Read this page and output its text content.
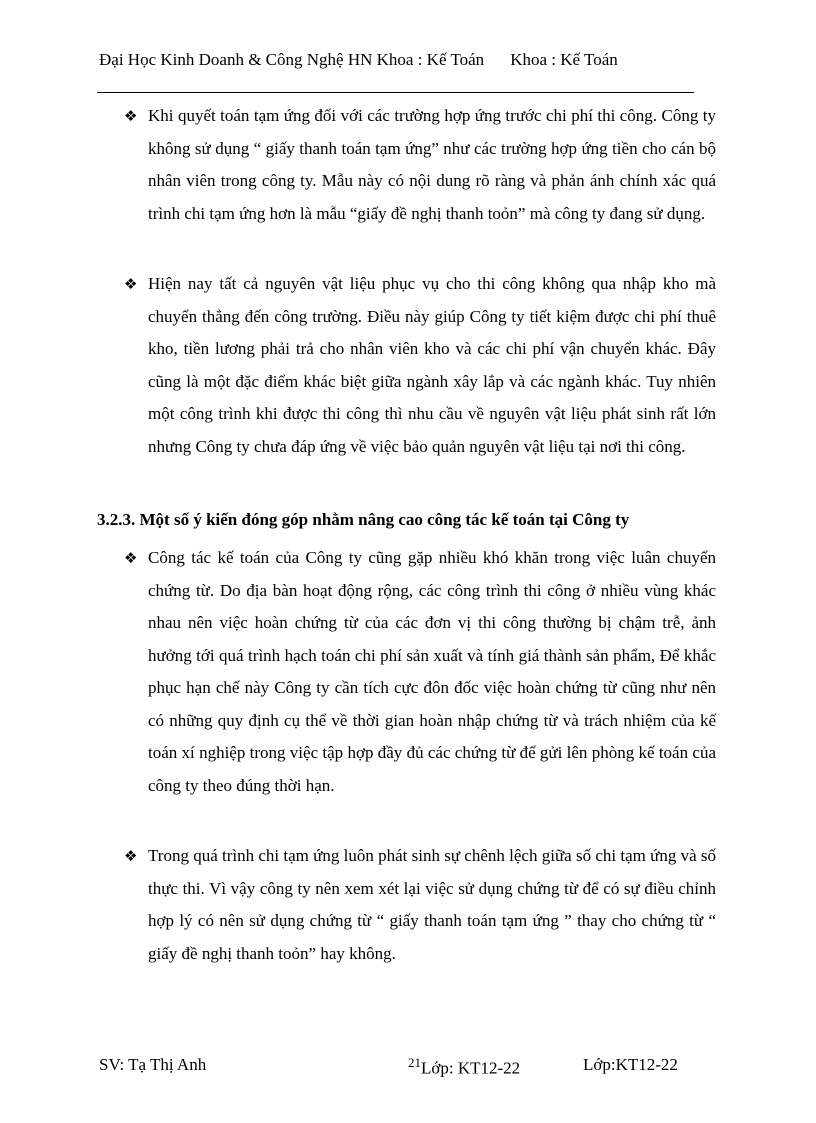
Đại Học Kinh Doanh & Công Nghệ HN Khoa : Kế Toán Khoa : Kế Toán
❖ Khi quyết toán tạm ứng đối với các trường hợp ứng trước chi phí thi công. Công ty không sử dụng “ giấy thanh toán tạm ứng” như các trường hợp ứng tiền cho cán bộ nhân viên trong công ty. Mẫu này có nội dung rõ ràng và phản ánh chính xác quá trình chi tạm ứng hơn là mẫu “giấy đề nghị thanh toỏn” mà công ty đang sử dụng.

❖ Hiện nay tất cả nguyên vật liệu phục vụ cho thi công không qua nhập kho mà chuyển thẳng đến công trường. Điều này giúp Công ty tiết kiệm được chi phí thuê kho, tiền lương phải trả cho nhân viên kho và các chi phí vận chuyển khác. Đây cũng là một đặc điểm khác biệt giữa ngành xây lắp và các ngành khác. Tuy nhiên một công trình khi được thi công thì nhu cầu về nguyên vật liệu phát sinh rất lớn nhưng Công ty chưa đáp ứng về việc bảo quản nguyên vật liệu tại nơi thi công.

3.2.3. Một số ý kiến đóng góp nhằm nâng cao công tác kế toán tại Công ty
❖ Công tác kế toán của Công ty cũng gặp nhiều khó khăn trong việc luân chuyển chứng từ. Do địa bàn hoạt động rộng, các công trình thi công ở nhiều vùng khác nhau nên việc hoàn chứng từ của các đơn vị thi công thường bị chậm trễ, ảnh hưởng tới quá trình hạch toán chi phí sản xuất và tính giá thành sản phẩm, Để khắc phục hạn chế này Công ty cần tích cực đôn đốc việc hoàn chứng từ cũng như nên có những quy định cụ thể về thời gian hoàn nhập chứng từ và trách nhiệm của kế toán xí nghiệp trong việc tập hợp đầy đủ các chứng từ để gửi lên phòng kế toán của công ty theo đúng thời hạn.

❖ Trong quá trình chi tạm ứng luôn phát sinh sự chênh lệch giữa số chi tạm ứng và số thực thi. Vì vậy công ty nên xem xét lại việc sử dụng chứng từ để có sự điều chỉnh hợp lý có nên sử dụng chứng từ “ giấy thanh toán tạm ứng ” thay cho chứng từ “ giấy đề nghị thanh toỏn” hay không.

SV: Tạ Thị Anh	$^{21}$Lớp: KT12-22	Lớp:KT12-22
